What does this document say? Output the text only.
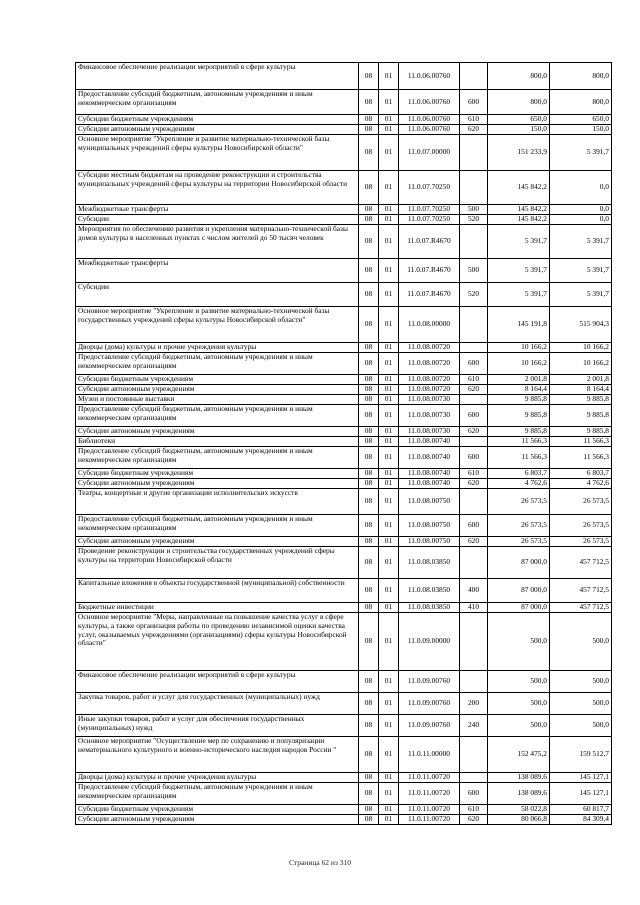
Финансовое обеспечение реализации мероприятий в сфере культуры	08	01	11.0.06.00760		800,0	800,0
Предоставление субсидий бюджетным, автономным учреждениям и иным некоммерческим организациям	08	01	11.0.06.00760	600	800,0	800,0
Субсидии бюджетным учреждениям	08	01	11.0.06.00760	610	650,0	650,0
Субсидии автономным учреждениям	08	01	11.0.06.00760	620	150,0	150,0
Основное мероприятие "Укрепление и развитие материально-технической базы муниципальных учреждений сферы культуры Новосибирской области"	08	01	11.0.07.00000		151 233,9	5 391,7
Субсидии местным бюджетам на проведение реконструкции и строительства муниципальных учреждений сферы культуры на территории Новосибирской области	08	01	11.0.07.70250		145 842,2	0,0
Межбюджетные трансферты	08	01	11.0.07.70250	500	145 842,2	0,0
Субсидии	08	01	11.0.07.70250	520	145 842,2	0,0
Мероприятия по обеспечению развития и укрепления материально-технической базы домов культуры в населенных пунктах с числом жителей до 50 тысяч человек	08	01	11.0.07.R4670		5 391,7	5 391,7
Межбюджетные трансферты	08	01	11.0.07.R4670	500	5 391,7	5 391,7
Субсидии	08	01	11.0.07.R4670	520	5 391,7	5 391,7
Основное мероприятие "Укрепление и развитие материально-технической базы государственных учреждений сферы культуры Новосибирской области"	08	01	11.0.08.00000		145 191,8	515 904,3
Дворцы (дома) культуры и прочие учреждения культуры	08	01	11.0.08.00720		10 166,2	10 166,2
Предоставление субсидий бюджетным, автономным учреждениям и иным некоммерческим организациям	08	01	11.0.08.00720	600	10 166,2	10 166,2
Субсидии бюджетным учреждениям	08	01	11.0.08.00720	610	2 001,8	2 001,8
Субсидии автономным учреждениям	08	01	11.0.08.00720	620	8 164,4	8 164,4
Музеи и постоянные выставки	08	01	11.0.08.00730		9 885,8	9 885,8
Предоставление субсидий бюджетным, автономным учреждениям и иным некоммерческим организациям	08	01	11.0.08.00730	600	9 885,8	9 885,8
Субсидии автономным учреждениям	08	01	11.0.08.00730	620	9 885,8	9 885,8
Библиотеки	08	01	11.0.08.00740		11 566,3	11 566,3
Предоставление субсидий бюджетным, автономным учреждениям и иным некоммерческим организациям	08	01	11.0.08.00740	600	11 566,3	11 566,3
Субсидии бюджетным учреждениям	08	01	11.0.08.00740	610	6 803,7	6 803,7
Субсидии автономным учреждениям	08	01	11.0.08.00740	620	4 762,6	4 762,6
Театры, концертные и другие организации исполнительских искусств	08	01	11.0.08.00750		26 573,5	26 573,5
Предоставление субсидий бюджетным, автономным учреждениям и иным некоммерческим организациям	08	01	11.0.08.00750	600	26 573,5	26 573,5
Субсидии автономным учреждениям	08	01	11.0.08.00750	620	26 573,5	26 573,5
Проведение реконструкции и строительства государственных учреждений сферы культуры на территории Новосибирской области	08	01	11.0.08.03850		87 000,0	457 712,5
Капитальные вложения в объекты государственной (муниципальной) собственности	08	01	11.0.08.03850	400	87 000,0	457 712,5
Бюджетные инвестиции	08	01	11.0.08.03850	410	87 000,0	457 712,5
Основное мероприятие "Меры, направленные на повышение качества услуг в сфере культуры, а также организация работы по проведению независимой оценки качества услуг, оказываемых учреждениями (организациями) сферы культуры Новосибирской области"	08	01	11.0.09.00000		500,0	500,0
Финансовое обеспечение реализации мероприятий в сфере культуры	08	01	11.0.09.00760		500,0	500,0
Закупка товаров, работ и услуг для государственных (муниципальных) нужд	08	01	11.0.09.00760	200	500,0	500,0
Иные закупки товаров, работ и услуг для обеспечения государственных (муниципальных) нужд	08	01	11.0.09.00760	240	500,0	500,0
Основное мероприятие "Осуществление мер по сохранению и популяризации нематериального культурного и военно-исторического наследия народов России "	08	01	11.0.11.00000		152 475,2	159 512,7
Дворцы (дома) культуры и прочие учреждения культуры	08	01	11.0.11.00720		138 089,6	145 127,1
Предоставление субсидий бюджетным, автономным учреждениям и иным некоммерческим организациям	08	01	11.0.11.00720	600	138 089,6	145 127,1
Субсидии бюджетным учреждениям	08	01	11.0.11.00720	610	58 022,8	60 817,7
Субсидии автономным учреждениям	08	01	11.0.11.00720	620	80 066,8	84 309,4
Страница 62 из 310
